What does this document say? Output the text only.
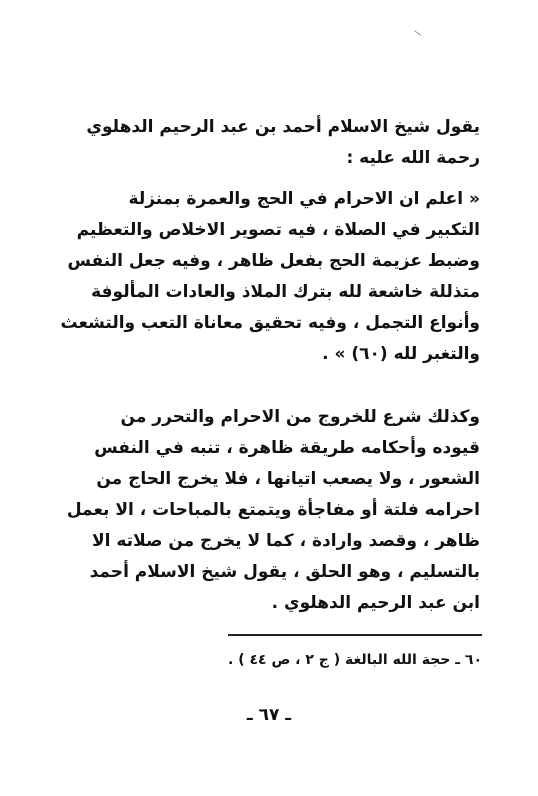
يقول شيخ الاسلام أحمد بن عبد الرحيم الدهلوي
رحمة الله عليه :
« اعلم ان الاحرام في الحج والعمرة بمنزلة
التكبير في الصلاة ، فيه تصوير الاخلاص والتعظيم
وضبط عزيمة الحج بفعل ظاهر ، وفيه جعل النفس
متذللة خاشعة لله بترك الملاذ والعادات المألوفة
وأنواع التجمل ، وفيه تحقيق معاناة التعب والتشعث
والتغبر لله (٦٠) » .
وكذلك شرع للخروج من الاحرام والتحرر من
قيوده وأحكامه طريقة ظاهرة ، تنبه في النفس
الشعور ، ولا يصعب اتيانها ، فلا يخرج الحاج من
احرامه فلتة أو مفاجأة ويتمتع بالمباحات ، الا بعمل
ظاهر ، وقصد وارادة ، كما لا يخرج من صلاته الا
بالتسليم ، وهو الحلق ، يقول شيخ الاسلام أحمد
ابن عبد الرحيم الدهلوي .
٦٠ ـ حجة الله البالغة ( ج ٢ ، ص ٤٤ ) .
ـ ٦٧ ـ
